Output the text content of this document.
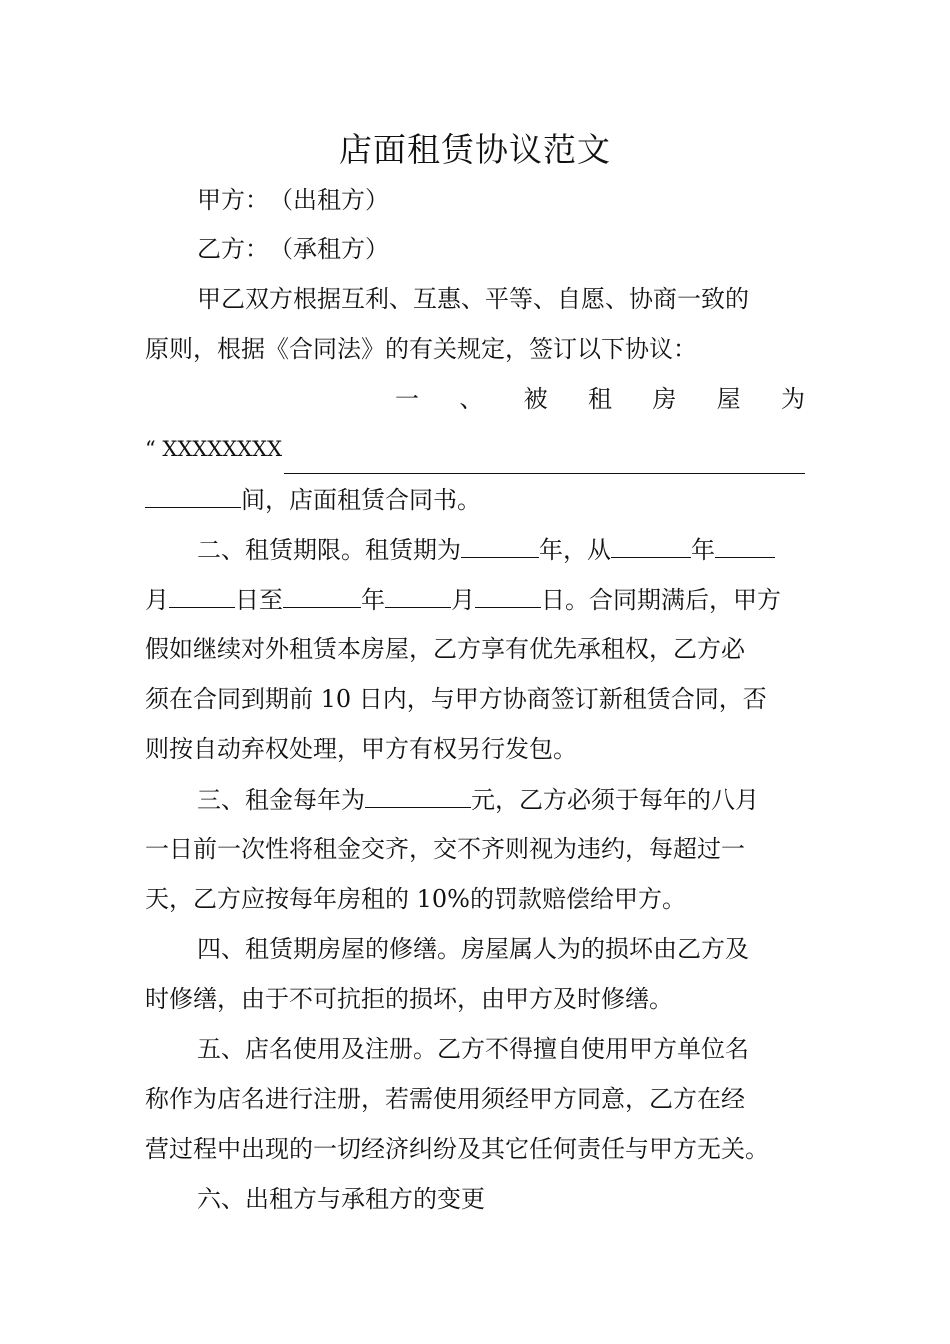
店面租赁协议范文
甲方：　（出租方）
乙方：　（承租方）
甲乙双方根据互利、互惠、平等、自愿、协商一致的
原则，根据《合同法》的有关规定，签订以下协议：
一 、 被 租 房 屋 为
“ XXXXXXXX
间，店面租赁合同书。
二、租赁期限。租赁期为	年，从	年
月	日至	年	月	日。合同期满后，甲方
假如继续对外租赁本房屋，乙方享有优先承租权，乙方必
须在合同到期前 10 日内，与甲方协商签订新租赁合同，否
则按自动弃权处理，甲方有权另行发包。
三、租金每年为	元，乙方必须于每年的八月
一日前一次性将租金交齐，交不齐则视为违约，每超过一
天，乙方应按每年房租的 10%的罚款赔偿给甲方。
四、租赁期房屋的修缮。房屋属人为的损坏由乙方及
时修缮，由于不可抗拒的损坏，由甲方及时修缮。
五、店名使用及注册。乙方不得擅自使用甲方单位名
称作为店名进行注册，若需使用须经甲方同意，乙方在经
营过程中出现的一切经济纠纷及其它任何责任与甲方无关。
六、出租方与承租方的变更
